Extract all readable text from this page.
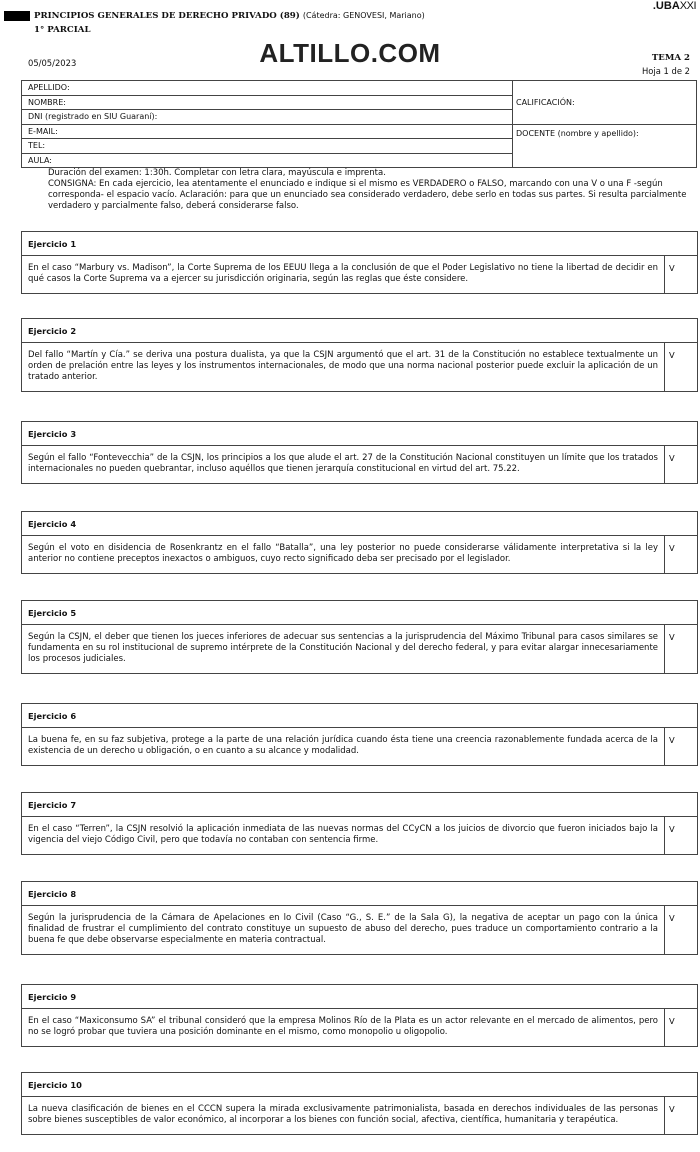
.UBAXXI
PRINCIPIOS GENERALES DE DERECHO PRIVADO (89) (Cátedra: GENOVESI, Mariano)
1° PARCIAL
05/05/2023	ALTILLO.COM	TEMA 2
Hoja 1 de 2
APELLIDO:
NOMBRE:
DNI (registrado en SIU Guaraní):
E-MAIL:
TEL:
AULA:
CALIFICACIÓN:
DOCENTE (nombre y apellido):

Duración del examen: 1:30h. Completar con letra clara, mayúscula e imprenta.

CONSIGNA: En cada ejercicio, lea atentamente el enunciado e indique si el mismo es VERDADERO o FALSO, marcando con una V o una F -según corresponda- el espacio vacío. Aclaración: para que un enunciado sea considerado verdadero, debe serlo en todas sus partes. Si resulta parcialmente verdadero y parcialmente falso, deberá considerarse falso.

Ejercicio 1
En el caso “Marbury vs. Madison”, la Corte Suprema de los EEUU llega a la conclusión de que el Poder Legislativo no tiene la libertad de decidir en qué casos la Corte Suprema va a ejercer su jurisdicción originaria, según las reglas que éste considere.
V
Ejercicio 2
Del fallo “Martín y Cía.” se deriva una postura dualista, ya que la CSJN argumentó que el art. 31 de la Constitución no establece textualmente un orden de prelación entre las leyes y los instrumentos internacionales, de modo que una norma nacional posterior puede excluir la aplicación de un tratado anterior.
V
Ejercicio 3
Según el fallo “Fontevecchia” de la CSJN, los principios a los que alude el art. 27 de la Constitución Nacional constituyen un límite que los tratados internacionales no pueden quebrantar, incluso aquéllos que tienen jerarquía constitucional en virtud del art. 75.22.
V
Ejercicio 4
Según el voto en disidencia de Rosenkrantz en el fallo “Batalla”, una ley posterior no puede considerarse válidamente interpretativa si la ley anterior no contiene preceptos inexactos o ambiguos, cuyo recto significado deba ser precisado por el legislador.
V
Ejercicio 5
Según la CSJN, el deber que tienen los jueces inferiores de adecuar sus sentencias a la jurisprudencia del Máximo Tribunal para casos similares se fundamenta en su rol institucional de supremo intérprete de la Constitución Nacional y del derecho federal, y para evitar alargar innecesariamente los procesos judiciales.
V
Ejercicio 6
La buena fe, en su faz subjetiva, protege a la parte de una relación jurídica cuando ésta tiene una creencia razonablemente fundada acerca de la existencia de un derecho u obligación, o en cuanto a su alcance y modalidad.
V
Ejercicio 7
En el caso “Terren”, la CSJN resolvió la aplicación inmediata de las nuevas normas del CCyCN a los juicios de divorcio que fueron iniciados bajo la vigencia del viejo Código Civil, pero que todavía no contaban con sentencia firme.
V
Ejercicio 8
Según la jurisprudencia de la Cámara de Apelaciones en lo Civil (Caso “G., S. E.” de la Sala G), la negativa de aceptar un pago con la única finalidad de frustrar el cumplimiento del contrato constituye un supuesto de abuso del derecho, pues traduce un comportamiento contrario a la buena fe que debe observarse especialmente en materia contractual.
V
Ejercicio 9
En el caso “Maxiconsumo SA” el tribunal consideró que la empresa Molinos Río de la Plata es un actor relevante en el mercado de alimentos, pero no se logró probar que tuviera una posición dominante en el mismo, como monopolio u oligopolio.
V
Ejercicio 10
La nueva clasificación de bienes en el CCCN supera la mirada exclusivamente patrimonialista, basada en derechos individuales de las personas sobre bienes susceptibles de valor económico, al incorporar a los bienes con función social, afectiva, científica, humanitaria y terapéutica.
V
